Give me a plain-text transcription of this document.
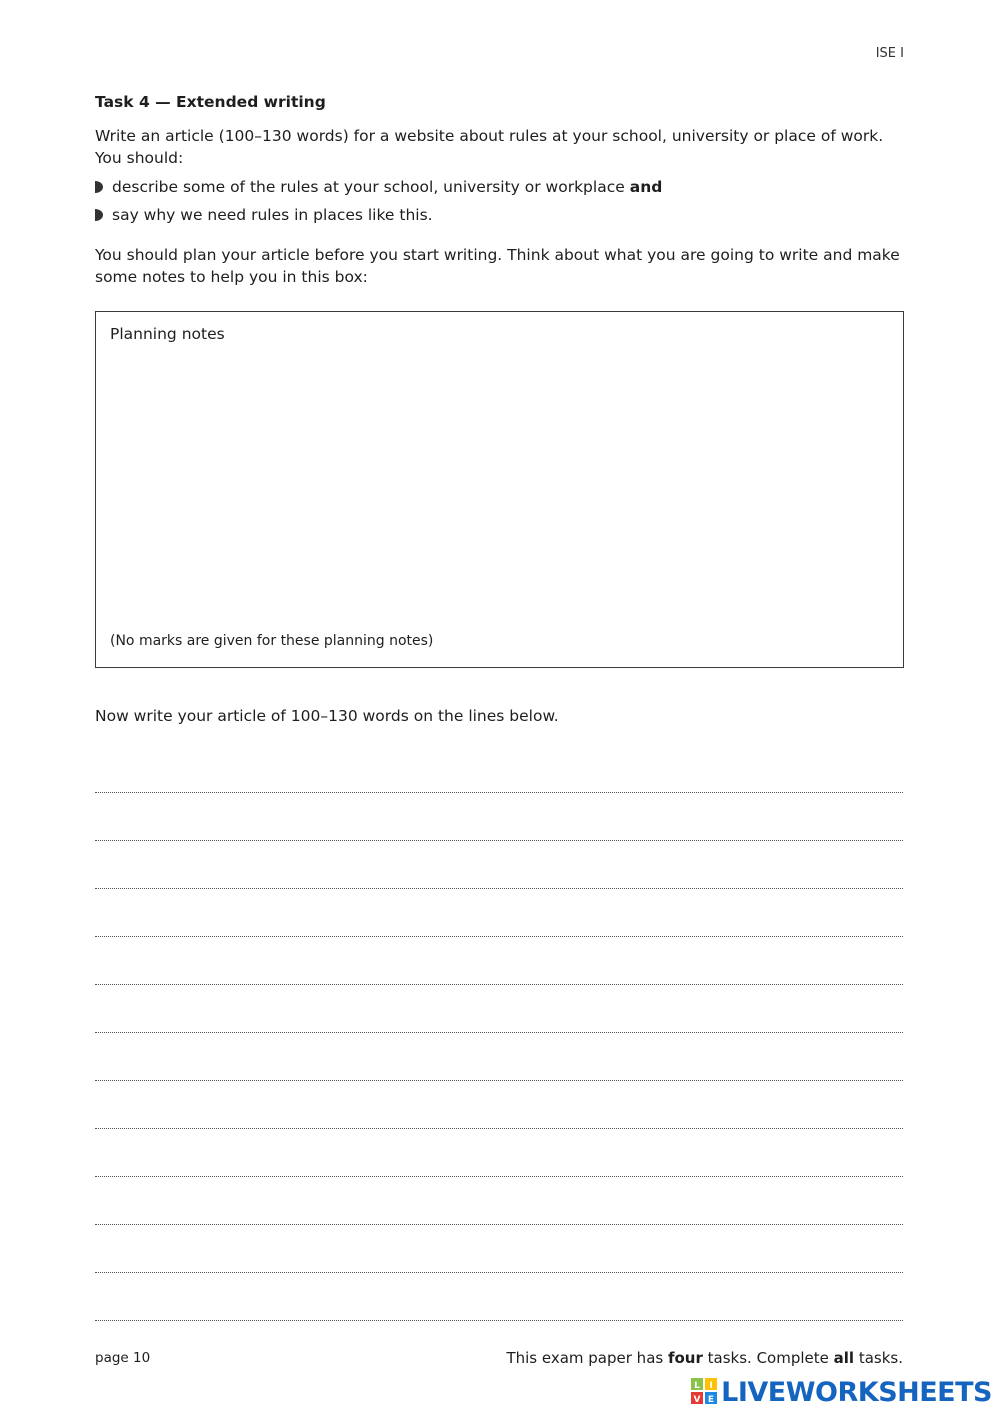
ISE I
Task 4 — Extended writing
Write an article (100–130 words) for a website about rules at your school, university or place of work. You should:
describe some of the rules at your school, university or workplace and
say why we need rules in places like this.
You should plan your article before you start writing. Think about what you are going to write and make some notes to help you in this box:
Planning notes
(No marks are given for these planning notes)
Now write your article of 100–130 words on the lines below.
page 10	This exam paper has four tasks. Complete all tasks.
L I
V E LIVEWORKSHEETS
